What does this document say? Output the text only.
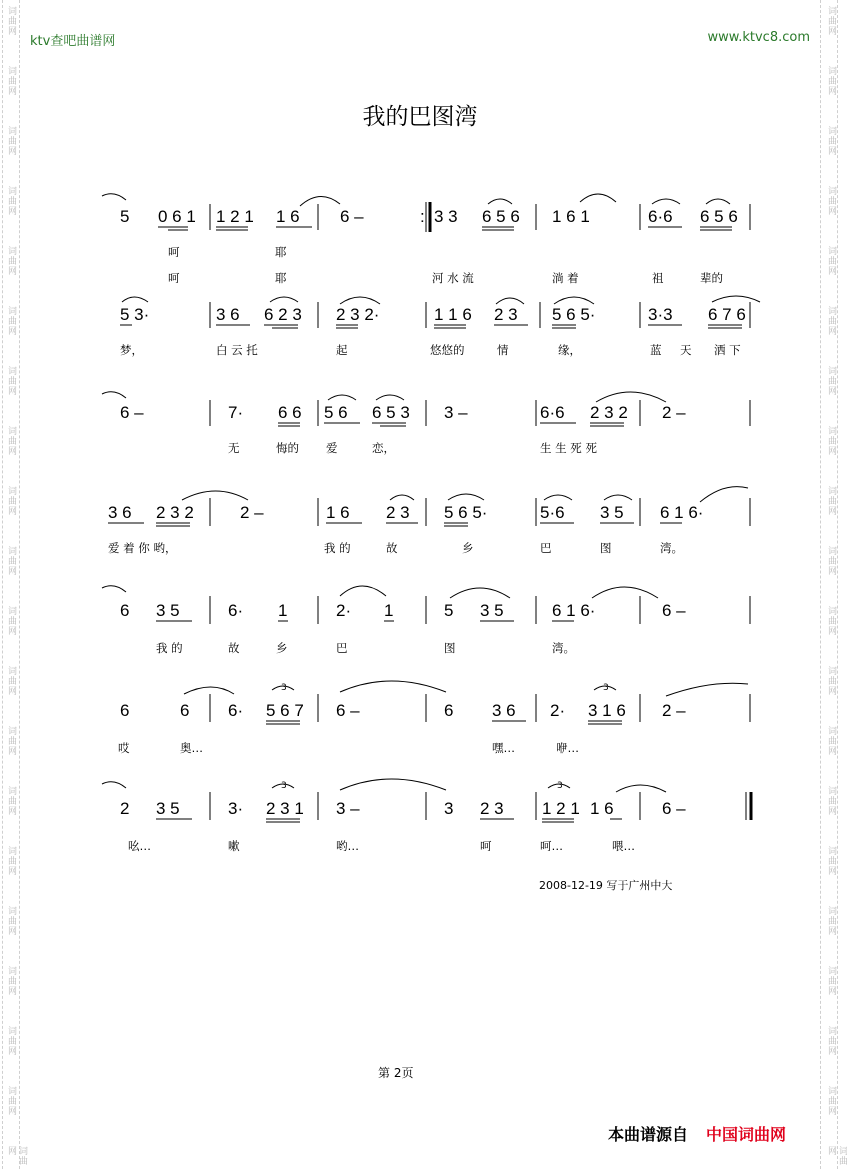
词曲网
词曲网
词曲网
词曲网
词曲网
词曲网
词曲网
词曲网
词曲网
词曲网
词曲网
词曲网
词曲网
词曲网
词曲网
词曲网
词曲网
词曲网
词曲网
词曲网
词曲网
词曲网
词曲网
词曲网
词曲网
词曲网
词曲网
词曲网
词曲网
词曲网
词曲网
词曲网
词曲网
词曲网
词曲网
词曲网
词曲网
词曲网
词曲网
词曲网
ktv查吧曲谱网	www.ktvc8.com
我的巴图湾
5 0 6 1 1 2 1 1 6 6 –	: 3 3 6 5 6 1 6 1	6·6 6 5 6
呵	耶
呵	耶	河 水 流	淌 着	祖	辈的
5 3·	3 6 6 2 3 2 3 2·	1 1 6 2 3 5 6 5·	3·3 6 7 6
梦，	白 云 托	起	悠悠的	情	缘，	蓝 天 洒 下
6 –	7· 6 6 5 6 6 5 3 3 –	6·6 2 3 2 2 –
无	悔的 爱	恋，	生 生 死 死
3 6 2 3 2	2 –	1 6 2 3 5 6 5·	5·6 3 5 6 1 6·
爱 着 你 哟，	我 的	故	乡	巴	图	湾。
6 3 5	6· 1	2· 1	5 3 5	6 1 6·	6 –
我 的	故	乡	巴	图	湾。
6	6 6· 5 6 7
3
6 –	6 3 6 2· 3 1 6
3
2 –
哎	奥…	嘿…	咿…
2 3 5	3· 2 3 1
3
3 –	3 2 3 1 2 1
3
1 6	6 –
吆…	嗽	哟…	呵	呵…	喂…
2008-12-19 写于广州中大
第 2页
本曲谱源自 中国词曲网
